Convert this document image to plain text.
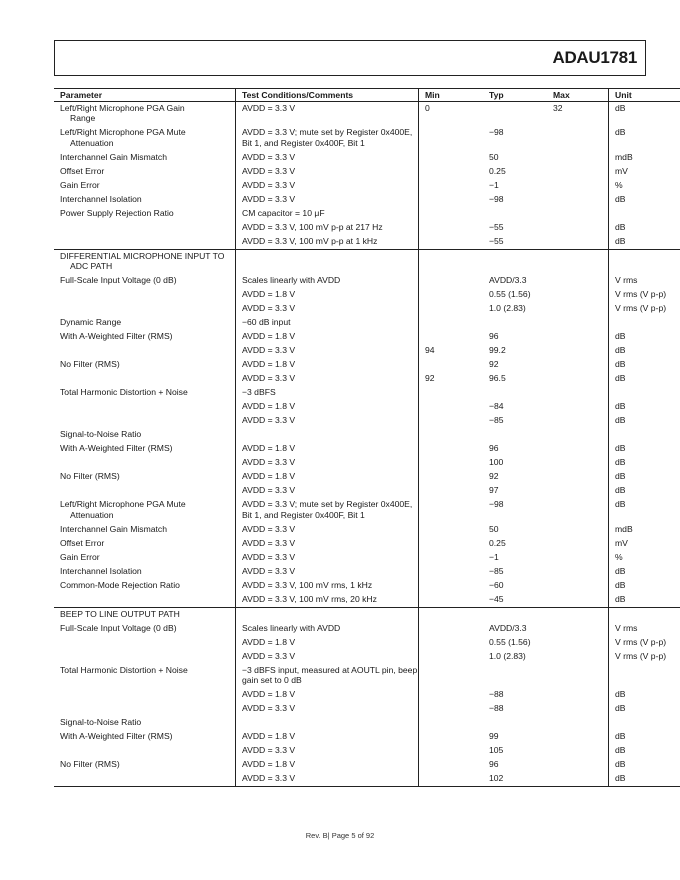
ADAU1781
Parameter	Test Conditions/Comments	Min	Typ	Max	Unit

Left/Right Microphone PGA Gain
Range	AVDD = 3.3 V	0		32	dB

Left/Right Microphone PGA Mute
Attenuation	AVDD = 3.3 V; mute set by Register 0x400E, Bit 1, and Register 0x400F, Bit 1		−98		dB

Interchannel Gain Mismatch	AVDD = 3.3 V		50		mdB

Offset Error	AVDD = 3.3 V		0.25		mV

Gain Error	AVDD = 3.3 V		−1		%

Interchannel Isolation	AVDD = 3.3 V		−98		dB

Power Supply Rejection Ratio	CM capacitor = 10 μF				

	AVDD = 3.3 V, 100 mV p-p at 217 Hz		−55		dB

	AVDD = 3.3 V, 100 mV p-p at 1 kHz		−55		dB

DIFFERENTIAL MICROPHONE INPUT TO
ADC PATH					

Full-Scale Input Voltage (0 dB)	Scales linearly with AVDD		AVDD/3.3		V rms

	AVDD = 1.8 V		0.55 (1.56)		V rms (V p-p)

	AVDD = 3.3 V		1.0 (2.83)		V rms (V p-p)

Dynamic Range	−60 dB input				

With A-Weighted Filter (RMS)	AVDD = 1.8 V		96		dB

	AVDD = 3.3 V	94	99.2		dB

No Filter (RMS)	AVDD = 1.8 V		92		dB

	AVDD = 3.3 V	92	96.5		dB

Total Harmonic Distortion + Noise	−3 dBFS				

	AVDD = 1.8 V		−84		dB

	AVDD = 3.3 V		−85		dB

Signal-to-Noise Ratio					

With A-Weighted Filter (RMS)	AVDD = 1.8 V		96		dB

	AVDD = 3.3 V		100		dB

No Filter (RMS)	AVDD = 1.8 V		92		dB

	AVDD = 3.3 V		97		dB

Left/Right Microphone PGA Mute
Attenuation	AVDD = 3.3 V; mute set by Register 0x400E, Bit 1, and Register 0x400F, Bit 1		−98		dB

Interchannel Gain Mismatch	AVDD = 3.3 V		50		mdB

Offset Error	AVDD = 3.3 V		0.25		mV

Gain Error	AVDD = 3.3 V		−1		%

Interchannel Isolation	AVDD = 3.3 V		−85		dB

Common-Mode Rejection Ratio	AVDD = 3.3 V, 100 mV rms, 1 kHz		−60		dB

	AVDD = 3.3 V, 100 mV rms, 20 kHz		−45		dB

BEEP TO LINE OUTPUT PATH					

Full-Scale Input Voltage (0 dB)	Scales linearly with AVDD		AVDD/3.3		V rms

	AVDD = 1.8 V		0.55 (1.56)		V rms (V p-p)

	AVDD = 3.3 V		1.0 (2.83)		V rms (V p-p)

Total Harmonic Distortion + Noise	−3 dBFS input, measured at AOUTL pin, beep gain set to 0 dB				

	AVDD = 1.8 V		−88		dB

	AVDD = 3.3 V		−88		dB

Signal-to-Noise Ratio					

With A-Weighted Filter (RMS)	AVDD = 1.8 V		99		dB

	AVDD = 3.3 V		105		dB

No Filter (RMS)	AVDD = 1.8 V		96		dB

	AVDD = 3.3 V		102		dB
Rev. B| Page 5 of 92
